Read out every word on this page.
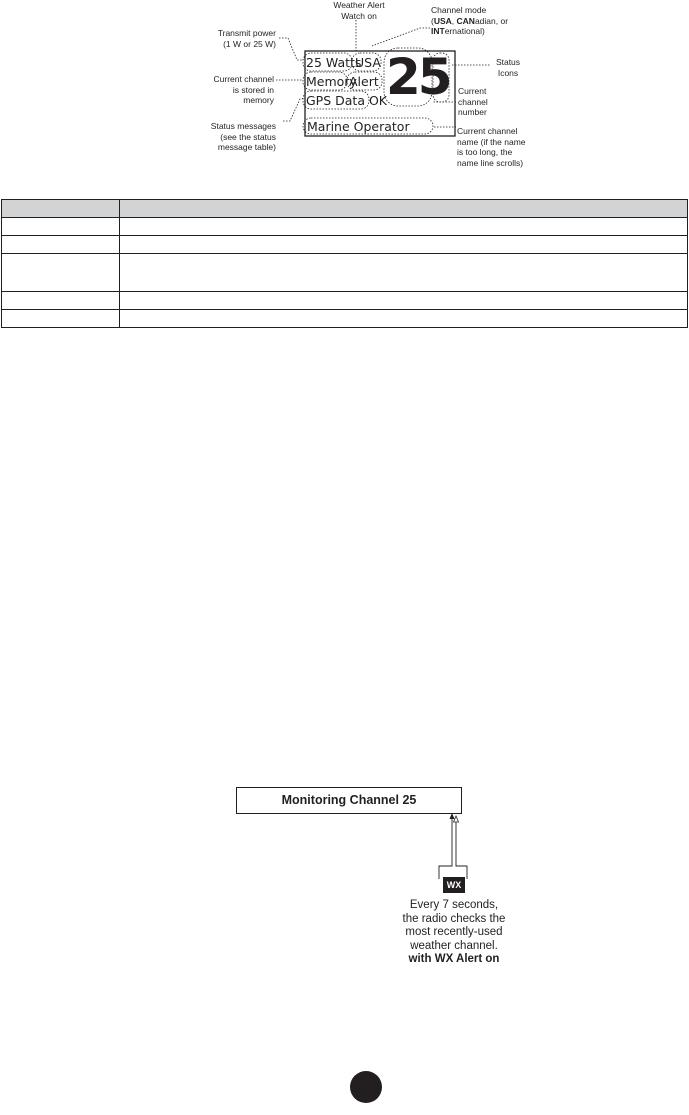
Weather Alert
Watch on
Channel mode
(USA, CANadian, or
INTernational)
Transmit power
(1 W or 25 W)
Current channel
is stored in
memory
Status messages
(see the status
message table)
Status
Icons
Current
channel
number
Current channel
name (if the name
is too long, the
name line scrolls)
25 Watts
USA
Memory
Alert
GPS Data OK 25
Marine Operator

Monitoring Channel 25
WX
Every 7 seconds,
the radio checks the
most recently-used
weather channel.
with WX Alert on
